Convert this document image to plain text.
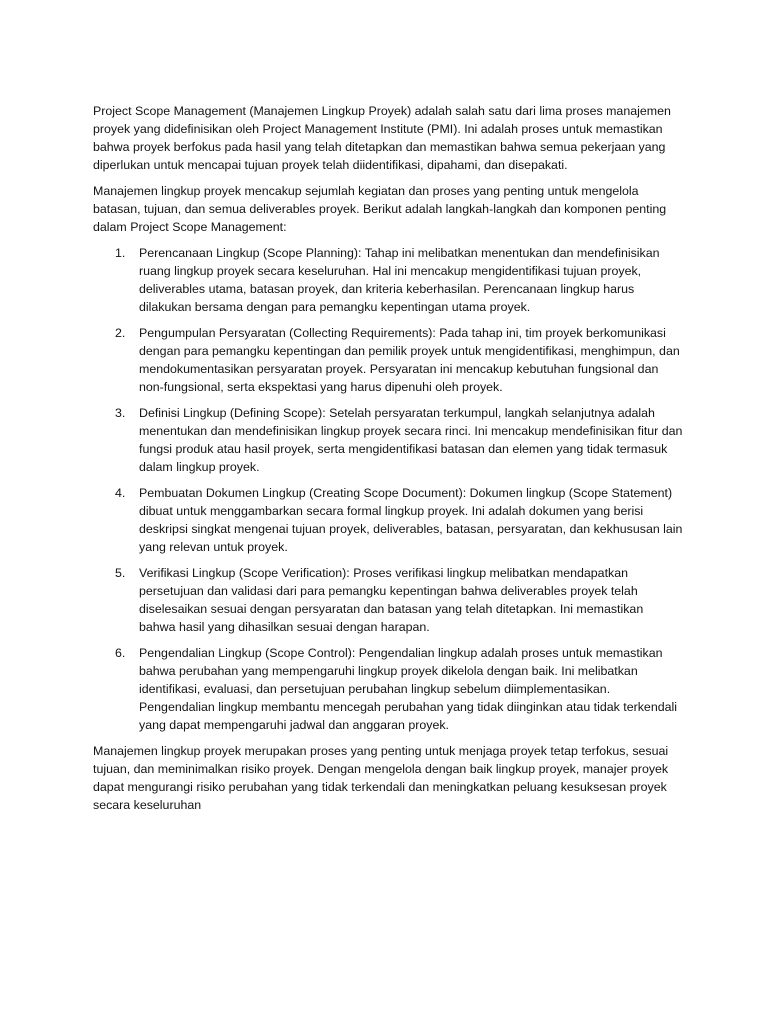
Project Scope Management (Manajemen Lingkup Proyek) adalah salah satu dari lima proses manajemen proyek yang didefinisikan oleh Project Management Institute (PMI). Ini adalah proses untuk memastikan bahwa proyek berfokus pada hasil yang telah ditetapkan dan memastikan bahwa semua pekerjaan yang diperlukan untuk mencapai tujuan proyek telah diidentifikasi, dipahami, dan disepakati.

Manajemen lingkup proyek mencakup sejumlah kegiatan dan proses yang penting untuk mengelola batasan, tujuan, dan semua deliverables proyek. Berikut adalah langkah-langkah dan komponen penting dalam Project Scope Management:

1. Perencanaan Lingkup (Scope Planning): Tahap ini melibatkan menentukan dan mendefinisikan ruang lingkup proyek secara keseluruhan. Hal ini mencakup mengidentifikasi tujuan proyek, deliverables utama, batasan proyek, dan kriteria keberhasilan. Perencanaan lingkup harus dilakukan bersama dengan para pemangku kepentingan utama proyek.
2. Pengumpulan Persyaratan (Collecting Requirements): Pada tahap ini, tim proyek berkomunikasi dengan para pemangku kepentingan dan pemilik proyek untuk mengidentifikasi, menghimpun, dan mendokumentasikan persyaratan proyek. Persyaratan ini mencakup kebutuhan fungsional dan non-fungsional, serta ekspektasi yang harus dipenuhi oleh proyek.
3. Definisi Lingkup (Defining Scope): Setelah persyaratan terkumpul, langkah selanjutnya adalah menentukan dan mendefinisikan lingkup proyek secara rinci. Ini mencakup mendefinisikan fitur dan fungsi produk atau hasil proyek, serta mengidentifikasi batasan dan elemen yang tidak termasuk dalam lingkup proyek.
4. Pembuatan Dokumen Lingkup (Creating Scope Document): Dokumen lingkup (Scope Statement) dibuat untuk menggambarkan secara formal lingkup proyek. Ini adalah dokumen yang berisi deskripsi singkat mengenai tujuan proyek, deliverables, batasan, persyaratan, dan kekhususan lain yang relevan untuk proyek.
5. Verifikasi Lingkup (Scope Verification): Proses verifikasi lingkup melibatkan mendapatkan persetujuan dan validasi dari para pemangku kepentingan bahwa deliverables proyek telah diselesaikan sesuai dengan persyaratan dan batasan yang telah ditetapkan. Ini memastikan bahwa hasil yang dihasilkan sesuai dengan harapan.
6. Pengendalian Lingkup (Scope Control): Pengendalian lingkup adalah proses untuk memastikan bahwa perubahan yang mempengaruhi lingkup proyek dikelola dengan baik. Ini melibatkan identifikasi, evaluasi, dan persetujuan perubahan lingkup sebelum diimplementasikan. Pengendalian lingkup membantu mencegah perubahan yang tidak diinginkan atau tidak terkendali yang dapat mempengaruhi jadwal dan anggaran proyek.

Manajemen lingkup proyek merupakan proses yang penting untuk menjaga proyek tetap terfokus, sesuai tujuan, dan meminimalkan risiko proyek. Dengan mengelola dengan baik lingkup proyek, manajer proyek dapat mengurangi risiko perubahan yang tidak terkendali dan meningkatkan peluang kesuksesan proyek secara keseluruhan
